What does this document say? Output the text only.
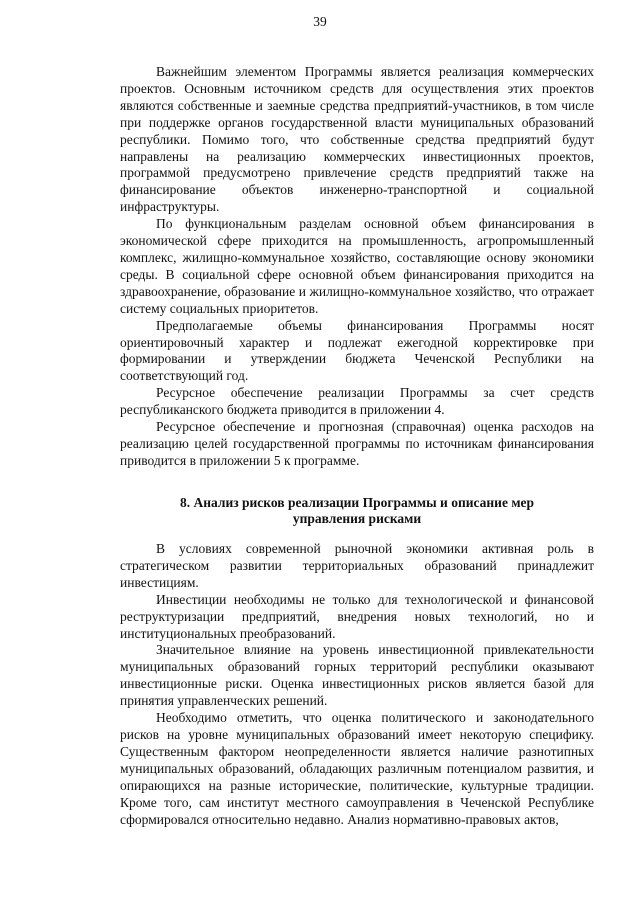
39

Важнейшим элементом Программы является реализация коммерческих проектов. Основным источником средств для осуществления этих проектов являются собственные и заемные средства предприятий-участников, в том числе при поддержке органов государственной власти муниципальных образований республики. Помимо того, что собственные средства предприятий будут направлены на реализацию коммерческих инвестиционных проектов, программой предусмотрено привлечение средств предприятий также на финансирование объектов инженерно-транспортной и социальной инфраструктуры.

По функциональным разделам основной объем финансирования в экономической сфере приходится на промышленность, агропромышленный комплекс, жилищно-коммунальное хозяйство, составляющие основу экономики среды. В социальной сфере основной объем финансирования приходится на здравоохранение, образование и жилищно-коммунальное хозяйство, что отражает систему социальных приоритетов.

Предполагаемые объемы финансирования Программы носят ориентировочный характер и подлежат ежегодной корректировке при формировании и утверждении бюджета Чеченской Республики на соответствующий год.

Ресурсное обеспечение реализации Программы за счет средств республиканского бюджета приводится в приложении 4.

Ресурсное обеспечение и прогнозная (справочная) оценка расходов на реализацию целей государственной программы по источникам финансирования приводится в приложении 5 к программе.

8. Анализ рисков реализации Программы и описание мер
управления рисками

В условиях современной рыночной экономики активная роль в стратегическом развитии территориальных образований принадлежит инвестициям.

Инвестиции необходимы не только для технологической и финансовой реструктуризации предприятий, внедрения новых технологий, но и институциональных преобразований.

Значительное влияние на уровень инвестиционной привлекательности муниципальных образований горных территорий республики оказывают инвестиционные риски. Оценка инвестиционных рисков является базой для принятия управленческих решений.

Необходимо отметить, что оценка политического и законодательного рисков на уровне муниципальных образований имеет некоторую специфику. Существенным фактором неопределенности является наличие разнотипных муниципальных образований, обладающих различным потенциалом развития, и опирающихся на разные исторические, политические, культурные традиции. Кроме того, сам институт местного самоуправления в Чеченской Республике сформировался относительно недавно. Анализ нормативно-правовых актов,
